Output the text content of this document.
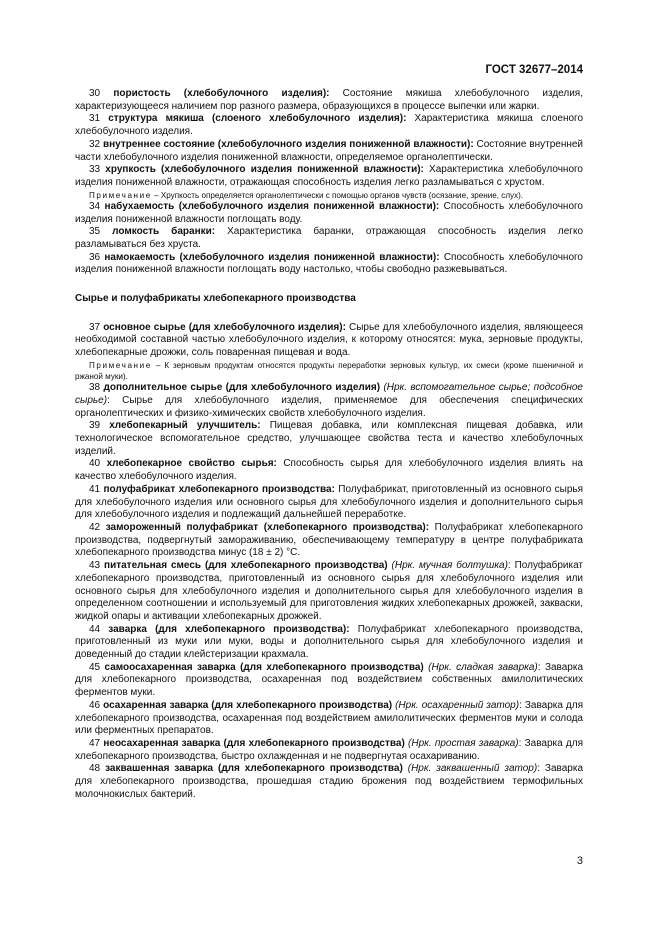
ГОСТ 32677–2014

30 пористость (хлебобулочного изделия): Состояние мякиша хлебобулочного изделия, характеризующееся наличием пор разного размера, образующихся в процессе выпечки или жарки.

31 структура мякиша (слоеного хлебобулочного изделия): Характеристика мякиша слоеного хлебобулочного изделия.

32 внутреннее состояние (хлебобулочного изделия пониженной влажности): Состояние внутренней части хлебобулочного изделия пониженной влажности, определяемое органолептически.

33 хрупкость (хлебобулочного изделия пониженной влажности): Характеристика хлебобулочного изделия пониженной влажности, отражающая способность изделия легко разламываться с хрустом.

Примечание – Хрупкость определяется органолептически с помощью органов чувств (осязание, зрение, слух).

34 набухаемость (хлебобулочного изделия пониженной влажности): Способность хлебобулочного изделия пониженной влажности поглощать воду.

35 ломкость баранки: Характеристика баранки, отражающая способность изделия легко разламываться без хруста.

36 намокаемость (хлебобулочного изделия пониженной влажности): Способность хлебобулочного изделия пониженной влажности поглощать воду настолько, чтобы свободно разжевываться.

Сырье и полуфабрикаты хлебопекарного производства

37 основное сырье (для хлебобулочного изделия): Сырье для хлебобулочного изделия, являющееся необходимой составной частью хлебобулочного изделия, к которому относятся: мука, зерновые продукты, хлебопекарные дрожжи, соль поваренная пищевая и вода.

Примечание – К зерновым продуктам относятся продукты переработки зерновых культур, их смеси (кроме пшеничной и ржаной муки).

38 дополнительное сырье (для хлебобулочного изделия) (Нрк. вспомогательное сырье; подсобное сырье): Сырье для хлебобулочного изделия, применяемое для обеспечения специфических органолептических и физико-химических свойств хлебобулочного изделия.

39 хлебопекарный улучшитель: Пищевая добавка, или комплексная пищевая добавка, или технологическое вспомогательное средство, улучшающее свойства теста и качество хлебобулочных изделий.

40 хлебопекарное свойство сырья: Способность сырья для хлебобулочного изделия влиять на качество хлебобулочного изделия.

41 полуфабрикат хлебопекарного производства: Полуфабрикат, приготовленный из основного сырья для хлебобулочного изделия или основного сырья для хлебобулочного изделия и дополнительного сырья для хлебобулочного изделия и подлежащий дальнейшей переработке.

42 замороженный полуфабрикат (хлебопекарного производства): Полуфабрикат хлебопекарного производства, подвергнутый замораживанию, обеспечивающему температуру в центре полуфабриката хлебопекарного производства минус (18 ± 2) °С.

43 питательная смесь (для хлебопекарного производства) (Нрк. мучная болтушка): Полуфабрикат хлебопекарного производства, приготовленный из основного сырья для хлебобулочного изделия или основного сырья для хлебобулочного изделия и дополнительного сырья для хлебобулочного изделия в определенном соотношении и используемый для приготовления жидких хлебопекарных дрожжей, закваски, жидкой опары и активации хлебопекарных дрожжей.

44 заварка (для хлебопекарного производства): Полуфабрикат хлебопекарного производства, приготовленный из муки или муки, воды и дополнительного сырья для хлебобулочного изделия и доведенный до стадии клейстеризации крахмала.

45 самоосахаренная заварка (для хлебопекарного производства) (Нрк. сладкая заварка): Заварка для хлебопекарного производства, осахаренная под воздействием собственных амилолитических ферментов муки.

46 осахаренная заварка (для хлебопекарного производства) (Нрк. осахаренный затор): Заварка для хлебопекарного производства, осахаренная под воздействием амилолитических ферментов муки и солода или ферментных препаратов.

47 неосахаренная заварка (для хлебопекарного производства) (Нрк. простая заварка): Заварка для хлебопекарного производства, быстро охлажденная и не подвергнутая осахариванию.

48 заквашенная заварка (для хлебопекарного производства) (Нрк. заквашенный затор): Заварка для хлебопекарного производства, прошедшая стадию брожения под воздействием термофильных молочнокислых бактерий.

3
